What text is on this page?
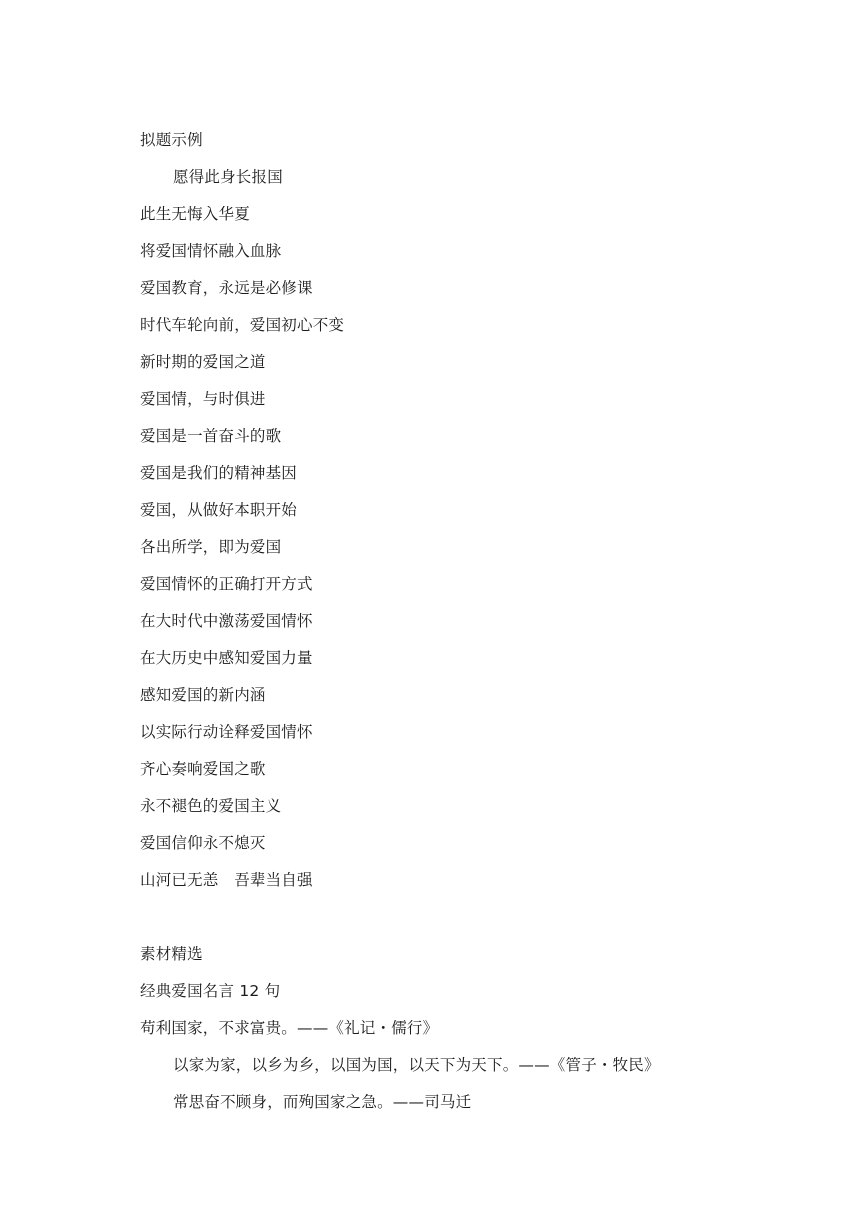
拟题示例
愿得此身长报国
此生无悔入华夏
将爱国情怀融入血脉
爱国教育，永远是必修课
时代车轮向前，爱国初心不变
新时期的爱国之道
爱国情，与时俱进
爱国是一首奋斗的歌
爱国是我们的精神基因
爱国，从做好本职开始
各出所学，即为爱国
爱国情怀的正确打开方式
在大时代中激荡爱国情怀
在大历史中感知爱国力量
感知爱国的新内涵
以实际行动诠释爱国情怀
齐心奏响爱国之歌
永不褪色的爱国主义
爱国信仰永不熄灭
山河已无恙　吾辈当自强
素材精选
经典爱国名言 12 句
苟利国家，不求富贵。——《礼记・儒行》
以家为家，以乡为乡，以国为国，以天下为天下。——《管子・牧民》
常思奋不顾身，而殉国家之急。——司马迁
